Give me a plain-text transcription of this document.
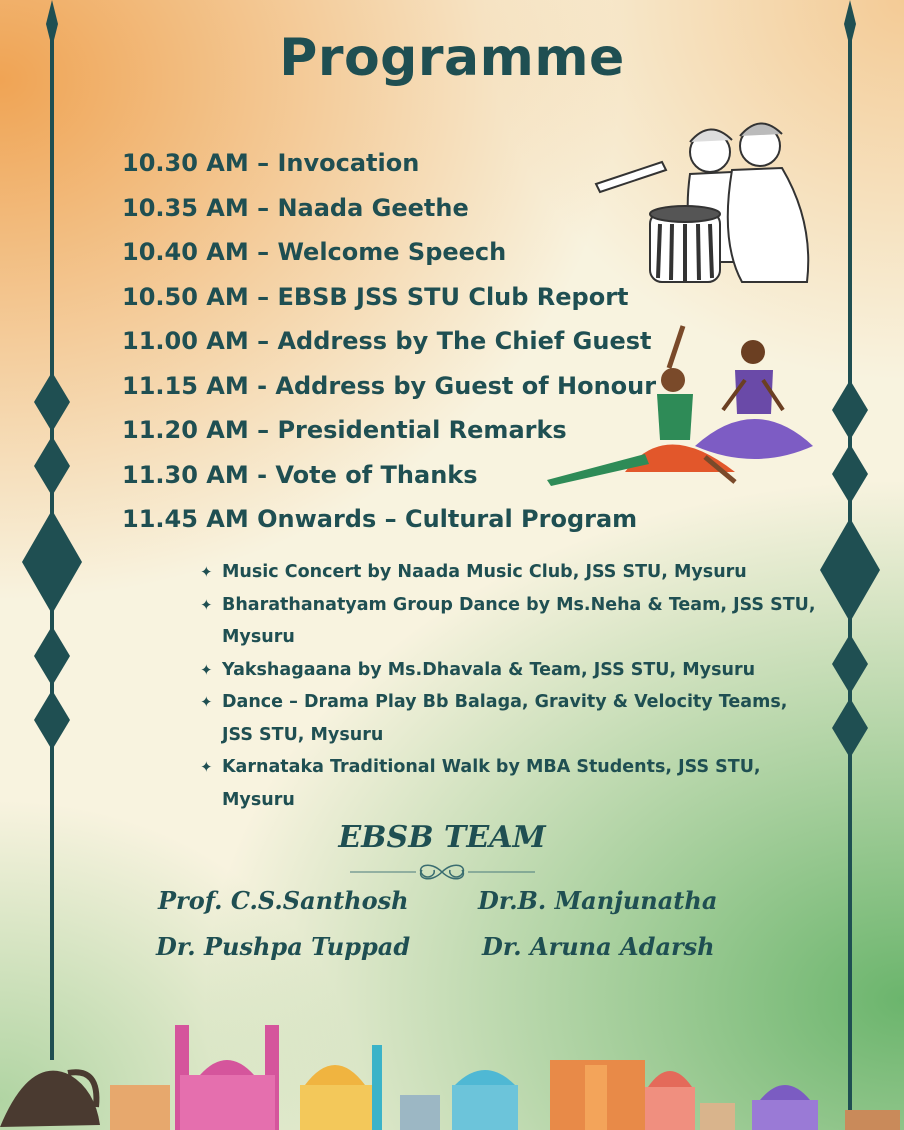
Programme
10.30 AM – Invocation
10.35 AM – Naada Geethe
10.40 AM – Welcome Speech
10.50 AM – EBSB JSS STU Club Report
11.00 AM – Address by The Chief Guest
11.15 AM - Address by Guest of Honour
11.20 AM – Presidential Remarks
11.30 AM - Vote of Thanks
11.45 AM Onwards – Cultural Program
✦ Music Concert by Naada Music Club, JSS STU, Mysuru
✦ Bharathanatyam Group Dance by Ms.Neha & Team, JSS STU,
Mysuru
✦ Yakshagaana by Ms.Dhavala & Team, JSS STU, Mysuru
✦ Dance – Drama Play Bb Balaga, Gravity & Velocity Teams,
JSS STU, Mysuru
✦ Karnataka Traditional Walk by MBA Students, JSS STU, Mysuru
EBSB TEAM
Prof. C.S.Santhosh	Dr.B. Manjunatha
Dr. Pushpa Tuppad	Dr. Aruna Adarsh
